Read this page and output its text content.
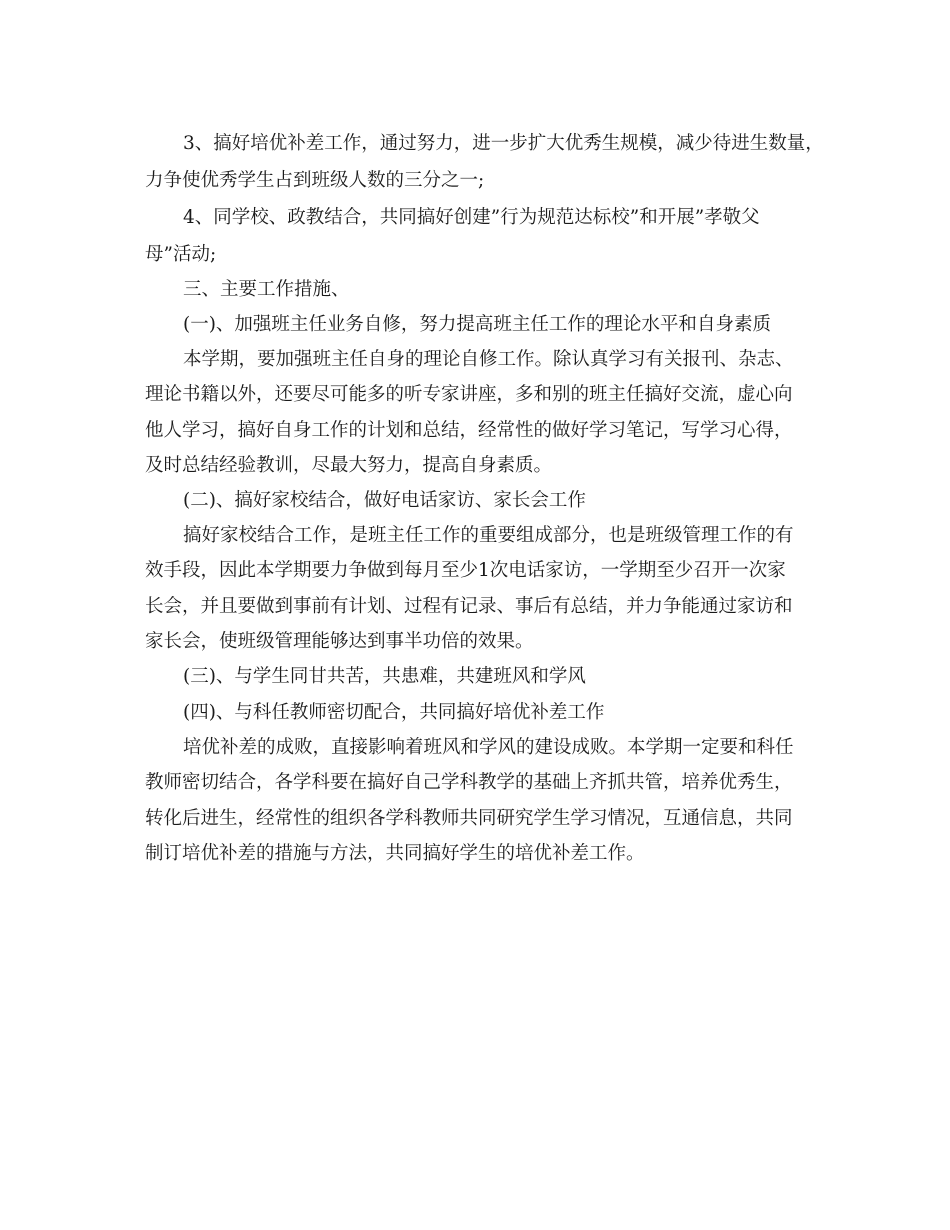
3、搞好培优补差工作，通过努力，进一步扩大优秀生规模，减少待进生数量，
力争使优秀学生占到班级人数的三分之一;
4、同学校、政教结合，共同搞好创建”行为规范达标校”和开展”孝敬父
母”活动;
三、主要工作措施、
(一)、加强班主任业务自修，努力提高班主任工作的理论水平和自身素质
本学期，要加强班主任自身的理论自修工作。除认真学习有关报刊、杂志、
理论书籍以外，还要尽可能多的听专家讲座，多和别的班主任搞好交流，虚心向
他人学习，搞好自身工作的计划和总结，经常性的做好学习笔记，写学习心得，
及时总结经验教训，尽最大努力，提高自身素质。
(二)、搞好家校结合，做好电话家访、家长会工作
搞好家校结合工作，是班主任工作的重要组成部分，也是班级管理工作的有
效手段，因此本学期要力争做到每月至少1次电话家访，一学期至少召开一次家
长会，并且要做到事前有计划、过程有记录、事后有总结，并力争能通过家访和
家长会，使班级管理能够达到事半功倍的效果。
(三)、与学生同甘共苦，共患难，共建班风和学风
(四)、与科任教师密切配合，共同搞好培优补差工作
培优补差的成败，直接影响着班风和学风的建设成败。本学期一定要和科任
教师密切结合，各学科要在搞好自己学科教学的基础上齐抓共管，培养优秀生，
转化后进生，经常性的组织各学科教师共同研究学生学习情况，互通信息，共同
制订培优补差的措施与方法，共同搞好学生的培优补差工作。
